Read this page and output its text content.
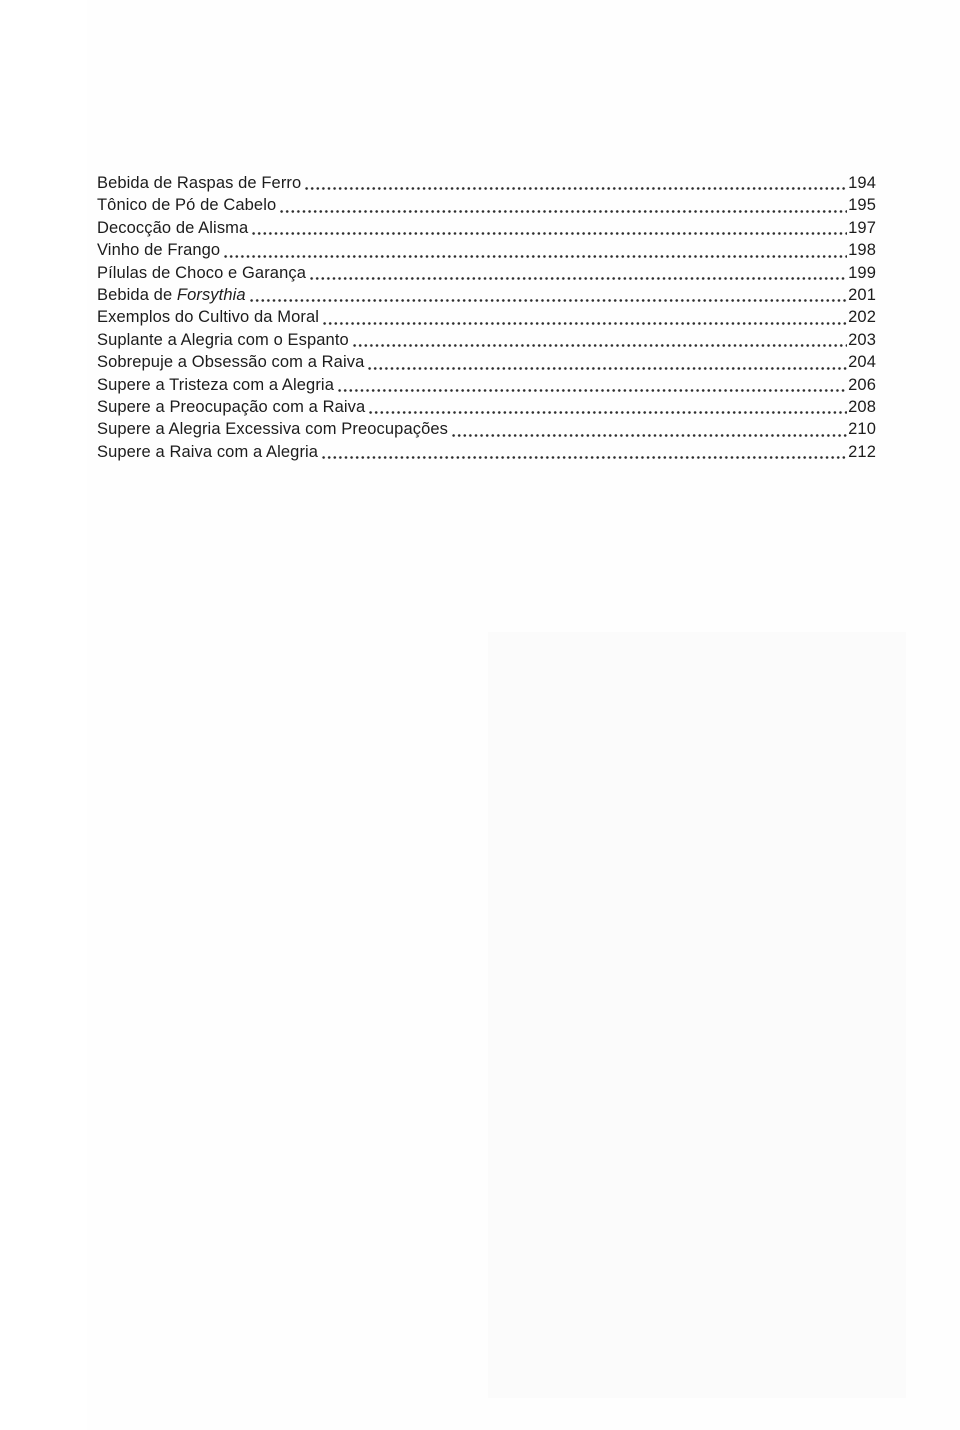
Bebida de Raspas de Ferro	194
Tônico de Pó de Cabelo	195
Decocção de Alisma	197
Vinho de Frango	198
Pílulas de Choco e Garança	199
Bebida de Forsythia	201
Exemplos do Cultivo da Moral	202
Suplante a Alegria com o Espanto	203
Sobrepuje a Obsessão com a Raiva	204
Supere a Tristeza com a Alegria	206
Supere a Preocupação com a Raiva	208
Supere a Alegria Excessiva com Preocupações	210
Supere a Raiva com a Alegria	212
